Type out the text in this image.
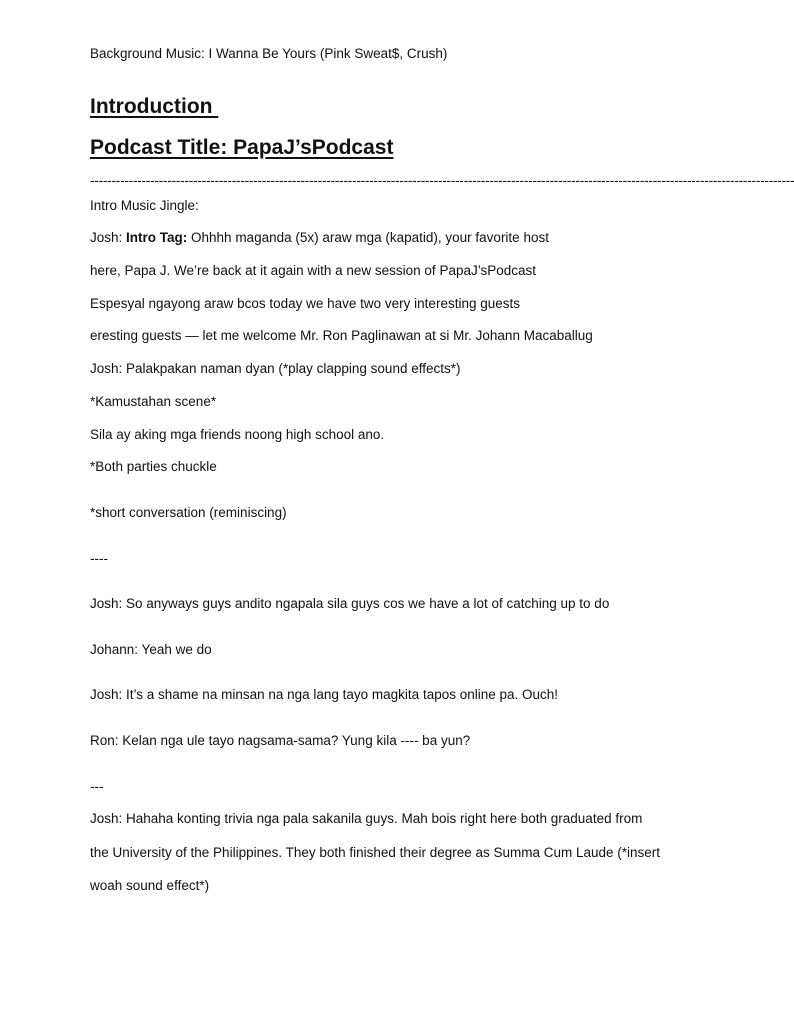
Background Music: I Wanna Be Yours (Pink Sweat$, Crush)
Introduction
Podcast Title: PapaJ’sPodcast
--------------------------------------------------------------------------------------------------------------------------------------------------------------------
Intro Music Jingle:
Josh: Intro Tag: Ohhhh maganda (5x) araw mga (kapatid), your favorite host
here, Papa J. We’re back at it again with a new session of PapaJ’sPodcast
Espesyal ngayong araw bcos today we have two very interesting guests
eresting guests — let me welcome Mr. Ron Paglinawan at si Mr. Johann Macaballug
Josh: Palakpakan naman dyan (*play clapping sound effects*)
*Kamustahan scene*
Sila ay aking mga friends noong high school ano.
*Both parties chuckle
*short conversation (reminiscing)
----
Josh: So anyways guys andito ngapala sila guys cos we have a lot of catching up to do
Johann: Yeah we do
Josh: It’s a shame na minsan na nga lang tayo magkita tapos online pa. Ouch!
Ron: Kelan nga ule tayo nagsama-sama? Yung kila ---- ba yun?
---
Josh: Hahaha konting trivia nga pala sakanila guys. Mah bois right here both graduated from
the University of the Philippines. They both finished their degree as Summa Cum Laude (*insert
woah sound effect*)
